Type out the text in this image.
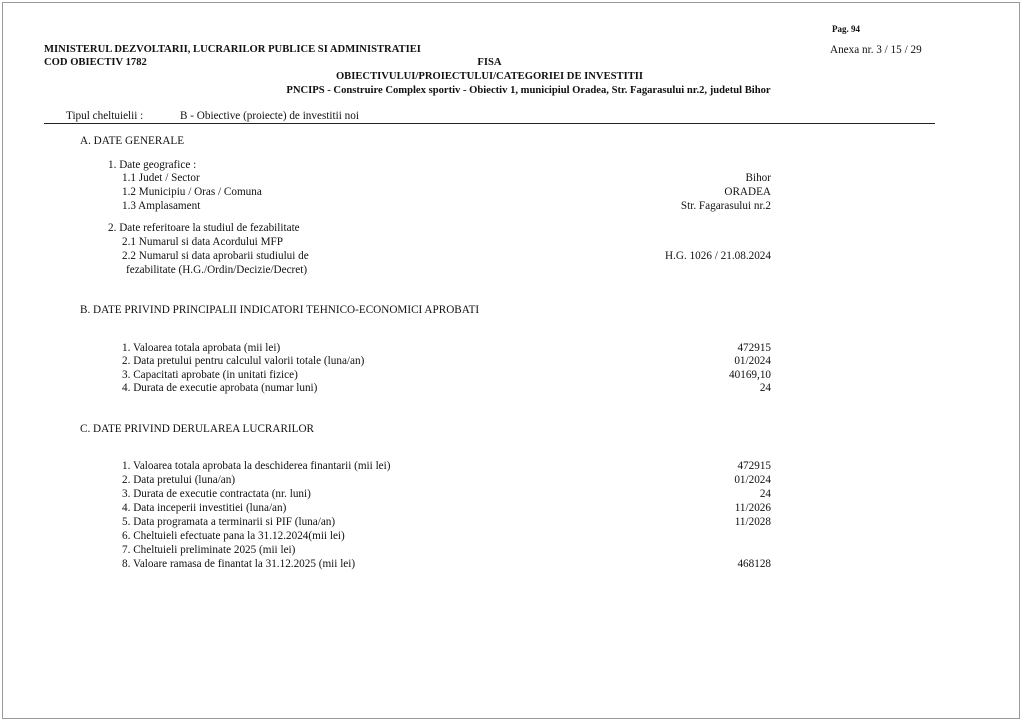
Pag. 94
MINISTERUL DEZVOLTARII, LUCRARILOR PUBLICE SI ADMINISTRATIEI	Anexa nr. 3 / 15 / 29
COD OBIECTIV 1782	FISA
OBIECTIVULUI/PROIECTULUI/CATEGORIEI DE INVESTITII
PNCIPS - Construire Complex sportiv - Obiectiv 1, municipiul Oradea, Str. Fagarasului nr.2, judetul Bihor
Tipul cheltuielii :	B - Obiective (proiecte) de investitii noi
A. DATE GENERALE
1. Date geografice :
1.1 Judet / Sector	Bihor
1.2 Municipiu / Oras / Comuna	ORADEA
1.3 Amplasament	Str. Fagarasului nr.2
2. Date referitoare la studiul de fezabilitate
2.1 Numarul si data Acordului MFP
2.2 Numarul si data aprobarii studiului de
fezabilitate (H.G./Ordin/Decizie/Decret)
H.G. 1026 / 21.08.2024
B. DATE PRIVIND PRINCIPALII INDICATORI TEHNICO-ECONOMICI APROBATI
1. Valoarea totala aprobata (mii lei)	472915
2. Data pretului pentru calculul valorii totale (luna/an)	01/2024
3. Capacitati aprobate (in unitati fizice)	40169,10
4. Durata de executie aprobata (numar luni)	24
C. DATE PRIVIND DERULAREA LUCRARILOR
1. Valoarea totala aprobata la deschiderea finantarii (mii lei)	472915
2. Data pretului (luna/an)	01/2024
3. Durata de executie contractata (nr. luni)	24
4. Data inceperii investitiei (luna/an)	11/2026
5. Data programata a terminarii si PIF (luna/an)	11/2028
6. Cheltuieli efectuate pana la 31.12.2024(mii lei)
7. Cheltuieli preliminate 2025 (mii lei)
8. Valoare ramasa de finantat la 31.12.2025 (mii lei)	468128
